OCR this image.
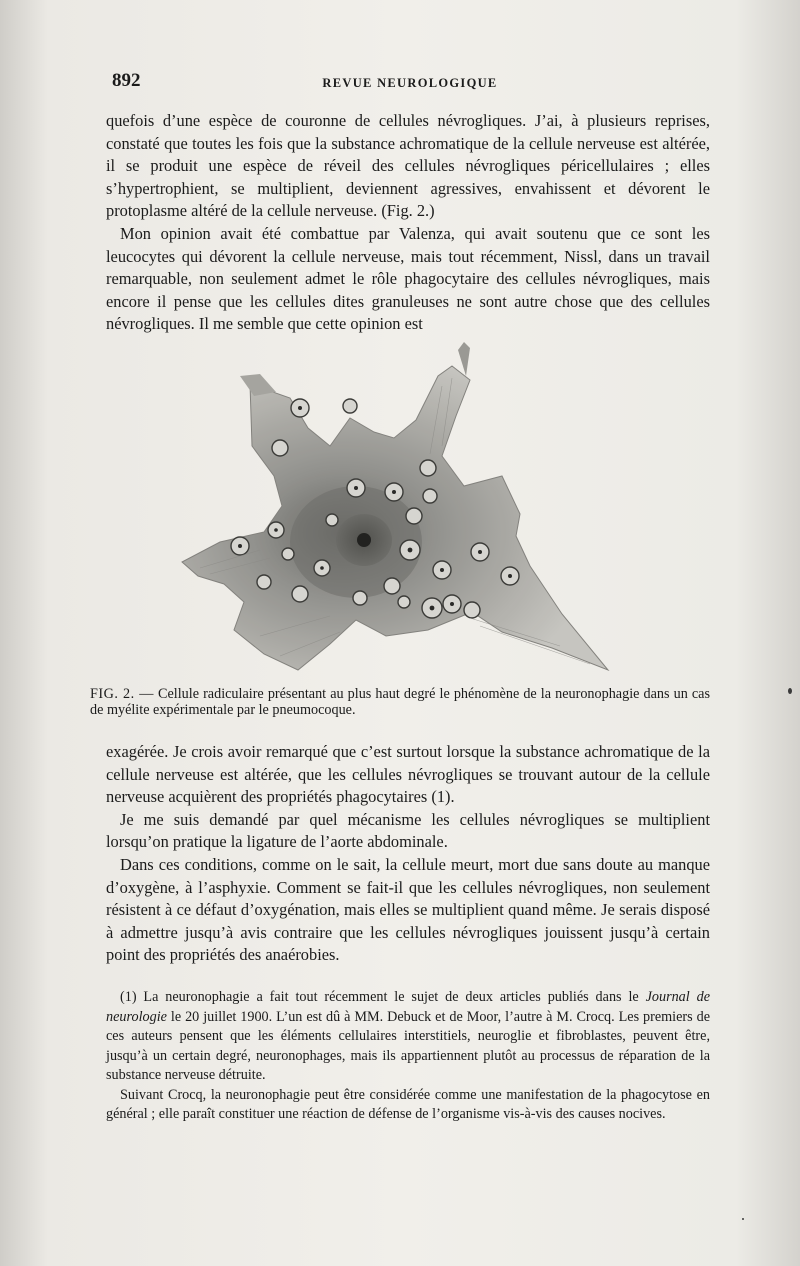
892	REVUE NEUROLOGIQUE

quefois d’une espèce de couronne de cellules névrogliques. J’ai, à plusieurs reprises, constaté que toutes les fois que la substance achromatique de la cellule nerveuse est altérée, il se produit une espèce de réveil des cellules névrogliques péricellulaires ; elles s’hypertrophient, se multiplient, deviennent agressives, envahissent et dévorent le protoplasme altéré de la cellule nerveuse. (Fig. 2.)

Mon opinion avait été combattue par Valenza, qui avait soutenu que ce sont les leucocytes qui dévorent la cellule nerveuse, mais tout récemment, Nissl, dans un travail remarquable, non seulement admet le rôle phagocytaire des cellules névrogliques, mais encore il pense que les cellules dites granuleuses ne sont autre chose que des cellules névrogliques. Il me semble que cette opinion est

FIG. 2. — Cellule radiculaire présentant au plus haut degré le phénomène de la neuronophagie dans un cas de myélite expérimentale par le pneumocoque.

exagérée. Je crois avoir remarqué que c’est surtout lorsque la substance achromatique de la cellule nerveuse est altérée, que les cellules névrogliques se trouvant autour de la cellule nerveuse acquièrent des propriétés phagocytaires (1).

Je me suis demandé par quel mécanisme les cellules névrogliques se multiplient lorsqu’on pratique la ligature de l’aorte abdominale.

Dans ces conditions, comme on le sait, la cellule meurt, mort due sans doute au manque d’oxygène, à l’asphyxie. Comment se fait-il que les cellules névrogliques, non seulement résistent à ce défaut d’oxygénation, mais elles se multiplient quand même. Je serais disposé à admettre jusqu’à avis contraire que les cellules névrogliques jouissent jusqu’à certain point des propriétés des anaérobies.

(1) La neuronophagie a fait tout récemment le sujet de deux articles publiés dans le Journal de neurologie le 20 juillet 1900. L’un est dû à MM. Debuck et de Moor, l’autre à M. Crocq. Les premiers de ces auteurs pensent que les éléments cellulaires interstitiels, neuroglie et fibroblastes, peuvent être, jusqu’à un certain degré, neuronophages, mais ils appartiennent plutôt au processus de réparation de la substance nerveuse détruite.

Suivant Crocq, la neuronophagie peut être considérée comme une manifestation de la phagocytose en général ; elle paraît constituer une réaction de défense de l’organisme vis-à-vis des causes nocives.
